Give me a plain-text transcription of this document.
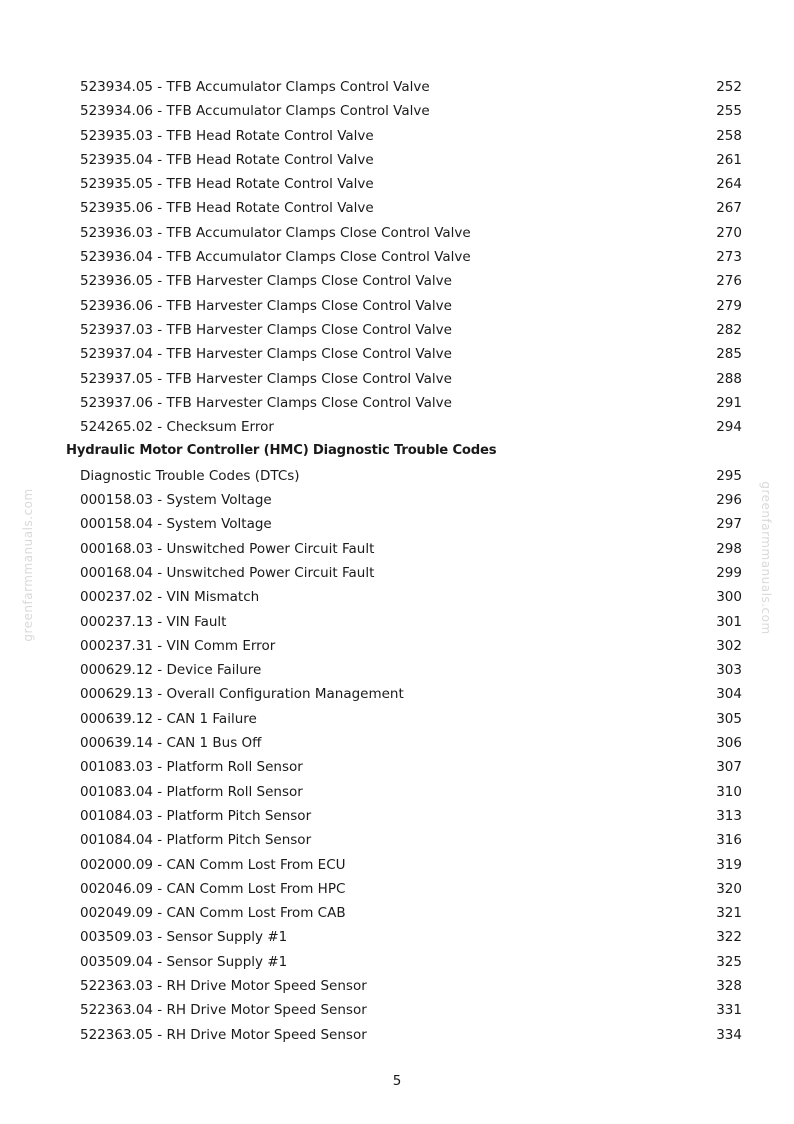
523934.05 - TFB Accumulator Clamps Control Valve	252
523934.06 - TFB Accumulator Clamps Control Valve	255
523935.03 - TFB Head Rotate Control Valve	258
523935.04 - TFB Head Rotate Control Valve	261
523935.05 - TFB Head Rotate Control Valve	264
523935.06 - TFB Head Rotate Control Valve	267
523936.03 - TFB Accumulator Clamps Close Control Valve	270
523936.04 - TFB Accumulator Clamps Close Control Valve	273
523936.05 - TFB Harvester Clamps Close Control Valve	276
523936.06 - TFB Harvester Clamps Close Control Valve	279
523937.03 - TFB Harvester Clamps Close Control Valve	282
523937.04 - TFB Harvester Clamps Close Control Valve	285
523937.05 - TFB Harvester Clamps Close Control Valve	288
523937.06 - TFB Harvester Clamps Close Control Valve	291
524265.02 - Checksum Error	294
Hydraulic Motor Controller (HMC) Diagnostic Trouble Codes
Diagnostic Trouble Codes (DTCs)	295
000158.03 - System Voltage	296
000158.04 - System Voltage	297
000168.03 - Unswitched Power Circuit Fault	298
000168.04 - Unswitched Power Circuit Fault	299
000237.02 - VIN Mismatch	300
000237.13 - VIN Fault	301
000237.31 - VIN Comm Error	302
000629.12 - Device Failure	303
000629.13 - Overall Configuration Management	304
000639.12 - CAN 1 Failure	305
000639.14 - CAN 1 Bus Off	306
001083.03 - Platform Roll Sensor	307
001083.04 - Platform Roll Sensor	310
001084.03 - Platform Pitch Sensor	313
001084.04 - Platform Pitch Sensor	316
002000.09 - CAN Comm Lost From ECU	319
002046.09 - CAN Comm Lost From HPC	320
002049.09 - CAN Comm Lost From CAB	321
003509.03 - Sensor Supply #1	322
003509.04 - Sensor Supply #1	325
522363.03 - RH Drive Motor Speed Sensor	328
522363.04 - RH Drive Motor Speed Sensor	331
522363.05 - RH Drive Motor Speed Sensor	334
greenfarmmanuals.com	greenfarmmanuals.com
5
